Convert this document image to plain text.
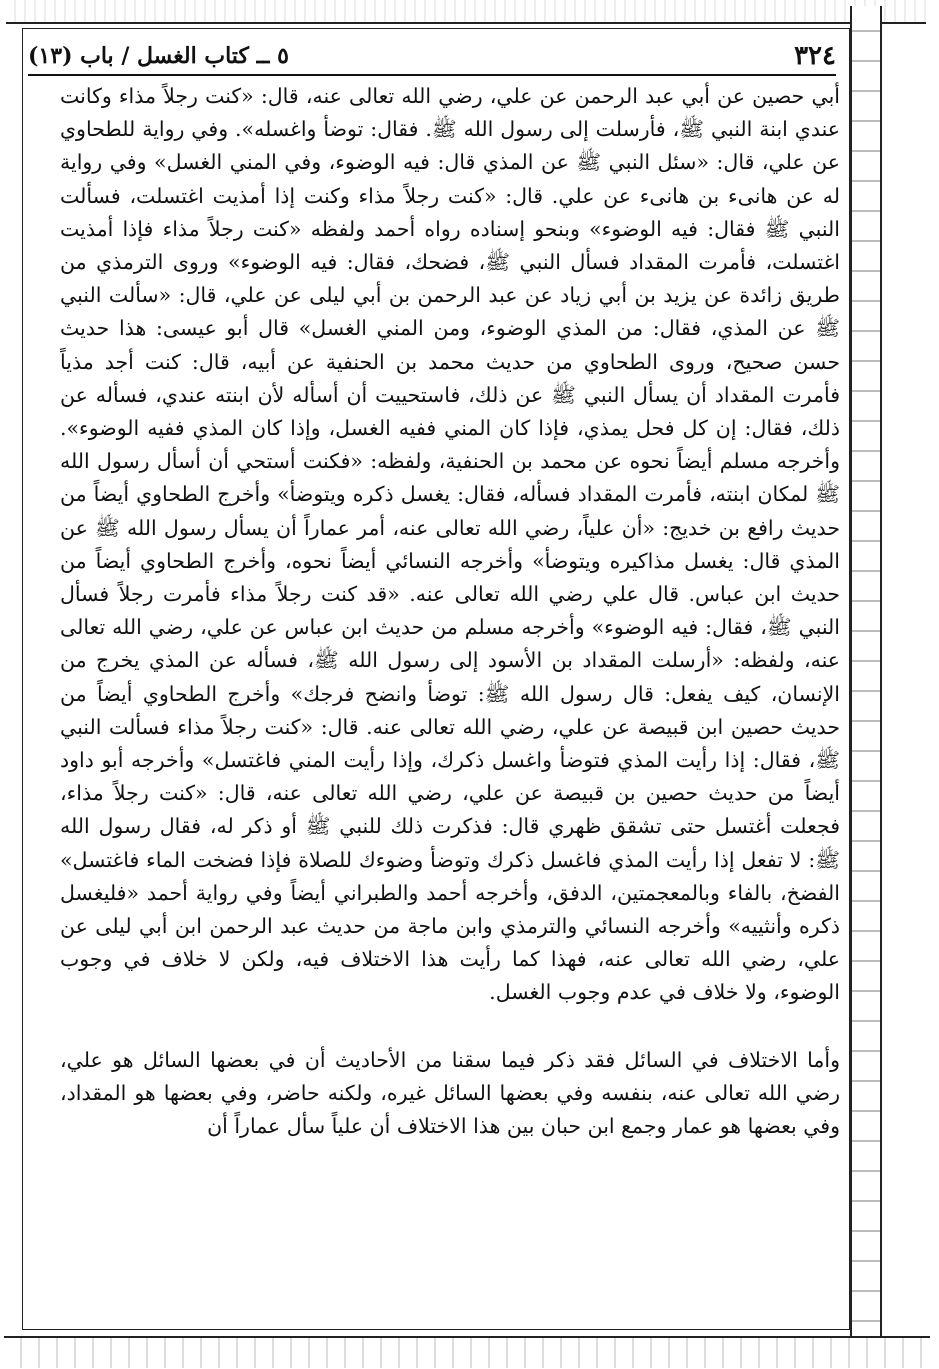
٣٢٤
٥ ــ كتاب الغسل / باب (١٣)

أبي حصين عن أبي عبد الرحمن عن علي، رضي الله تعالى عنه، قال: «كنت رجلاً مذاء وكانت عندي ابنة النبي ﷺ، فأرسلت إلى رسول الله ﷺ. فقال: توضأ واغسله». وفي رواية للطحاوي عن علي، قال: «سئل النبي ﷺ عن المذي قال: فيه الوضوء، وفي المني الغسل» وفي رواية له عن هانىء بن هانىء عن علي. قال: «كنت رجلاً مذاء وكنت إذا أمذيت اغتسلت، فسألت النبي ﷺ فقال: فيه الوضوء» وبنحو إسناده رواه أحمد ولفظه «كنت رجلاً مذاء فإذا أمذيت اغتسلت، فأمرت المقداد فسأل النبي ﷺ، فضحك، فقال: فيه الوضوء» وروى الترمذي من طريق زائدة عن يزيد بن أبي زياد عن عبد الرحمن بن أبي ليلى عن علي، قال: «سألت النبي ﷺ عن المذي، فقال: من المذي الوضوء، ومن المني الغسل» قال أبو عيسى: هذا حديث حسن صحيح، وروى الطحاوي من حديث محمد بن الحنفية عن أبيه، قال: كنت أجد مذياً فأمرت المقداد أن يسأل النبي ﷺ عن ذلك، فاستحييت أن أسأله لأن ابنته عندي، فسأله عن ذلك، فقال: إن كل فحل يمذي، فإذا كان المني ففيه الغسل، وإذا كان المذي ففيه الوضوء». وأخرجه مسلم أيضاً نحوه عن محمد بن الحنفية، ولفظه: «فكنت أستحي أن أسأل رسول الله ﷺ لمكان ابنته، فأمرت المقداد فسأله، فقال: يغسل ذكره ويتوضأ» وأخرج الطحاوي أيضاً من حديث رافع بن خديج: «أن علياً، رضي الله تعالى عنه، أمر عماراً أن يسأل رسول الله ﷺ عن المذي قال: يغسل مذاكيره ويتوضأ» وأخرجه النسائي أيضاً نحوه، وأخرج الطحاوي أيضاً من حديث ابن عباس. قال علي رضي الله تعالى عنه. «قد كنت رجلاً مذاء فأمرت رجلاً فسأل النبي ﷺ، فقال: فيه الوضوء» وأخرجه مسلم من حديث ابن عباس عن علي، رضي الله تعالى عنه، ولفظه: «أرسلت المقداد بن الأسود إلى رسول الله ﷺ، فسأله عن المذي يخرج من الإنسان، كيف يفعل: قال رسول الله ﷺ: توضأ وانضح فرجك» وأخرج الطحاوي أيضاً من حديث حصين ابن قبيصة عن علي، رضي الله تعالى عنه. قال: «كنت رجلاً مذاء فسألت النبي ﷺ، فقال: إذا رأيت المذي فتوضأ واغسل ذكرك، وإذا رأيت المني فاغتسل» وأخرجه أبو داود أيضاً من حديث حصين بن قبيصة عن علي، رضي الله تعالى عنه، قال: «كنت رجلاً مذاء، فجعلت أغتسل حتى تشقق ظهري قال: فذكرت ذلك للنبي ﷺ أو ذكر له، فقال رسول الله ﷺ: لا تفعل إذا رأيت المذي فاغسل ذكرك وتوضأ وضوءك للصلاة فإذا فضخت الماء فاغتسل» الفضخ، بالفاء وبالمعجمتين، الدفق، وأخرجه أحمد والطبراني أيضاً وفي رواية أحمد «فليغسل ذكره وأنثييه» وأخرجه النسائي والترمذي وابن ماجة من حديث عبد الرحمن ابن أبي ليلى عن علي، رضي الله تعالى عنه، فهذا كما رأيت هذا الاختلاف فيه، ولكن لا خلاف في وجوب الوضوء، ولا خلاف في عدم وجوب الغسل.

وأما الاختلاف في السائل فقد ذكر فيما سقنا من الأحاديث أن في بعضها السائل هو علي، رضي الله تعالى عنه، بنفسه وفي بعضها السائل غيره، ولكنه حاضر، وفي بعضها هو المقداد، وفي بعضها هو عمار وجمع ابن حبان بين هذا الاختلاف أن علياً سأل عماراً أن
